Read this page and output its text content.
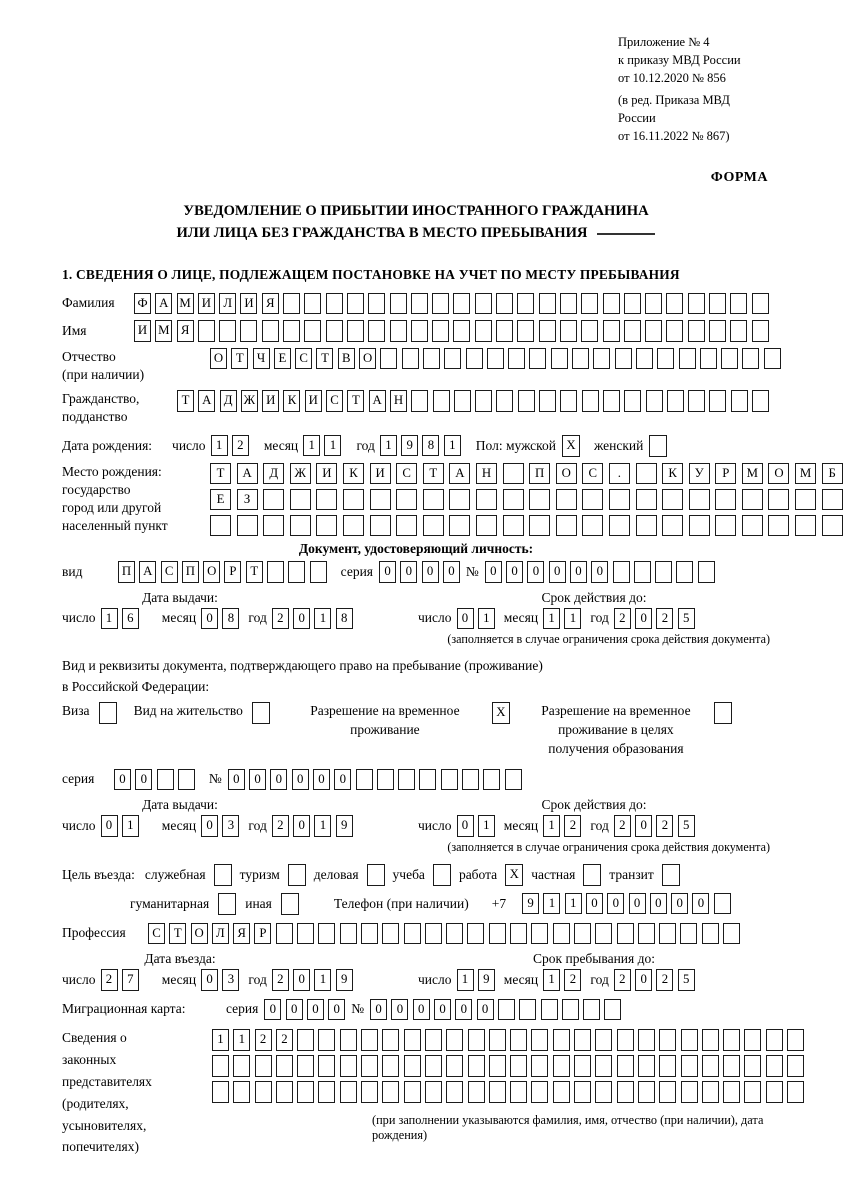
Приложение № 4
к приказу МВД России
от 10.12.2020 № 856
(в ред. Приказа МВД России
от 16.11.2022 № 867)
ФОРМА
УВЕДОМЛЕНИЕ О ПРИБЫТИИ ИНОСТРАННОГО ГРАЖДАНИНА
ИЛИ ЛИЦА БЕЗ ГРАЖДАНСТВА В МЕСТО ПРЕБЫВАНИЯ
1. СВЕДЕНИЯ О ЛИЦЕ, ПОДЛЕЖАЩЕМ ПОСТАНОВКЕ НА УЧЕТ ПО МЕСТУ ПРЕБЫВАНИЯ
Фамилия	Ф А М И Л И Я
Имя	И М Я
Отчество
(при наличии)
О Т	Ч	Е	С	Т	В О
Гражданство,
подданство
Т А Д Ж И К И С	Т А Н
Дата рождения: число 1	2	месяц 1	1	год 1	9	8	1	Пол: мужской X	женский
Место рождения:
государство
город или другой
населенный пункт
Т	А	Д	Ж	И	К	И	С	Т	А	Н	П	О	С	.	К	У	Р	М	О	М	Б
Е	З
Документ, удостоверяющий личность:
вид	П А С П О	Р	Т	серия 0	0	0	0 № 0	0	0	0	0	0
Дата выдачи:
число 1	6	месяц 0	8	год 2	0	1	8
Срок действия до:
число 0	1	месяц 1	1	год 2	0	2	5
(заполняется в случае ограничения срока действия документа)
Вид и реквизиты документа, подтверждающего право на пребывание (проживание)
в Российской Федерации:
Виза	Вид на жительство	Разрешение на временное проживание
X	Разрешение на временное проживание в целях получения образования
серия	0	0	№ 0	0	0	0	0	0
Дата выдачи:
число 0	1	месяц 0	3	год 2	0	1	9
Срок действия до:
число 0	1	месяц 1	2	год 2	0	2	5
(заполняется в случае ограничения срока действия документа)
Цель въезда: служебная	туризм	деловая	учеба	работа X частная	транзит
гуманитарная	иная	Телефон (при наличии) +7	9	1	1	0	0	0	0	0	0
Профессия	С	Т О Л Я	Р
Дата въезда:
число 2	7	месяц 0	3	год 2	0	1	9
Срок пребывания до:
число 1	9	месяц 1	2	год 2	0	2	5
Миграционная карта:	серия 0	0	0	0 № 0	0	0	0	0	0
Сведения о
законных
представителях
(родителях,
усыновителях,
попечителях)
1	1	2	2
(при заполнении указываются фамилия, имя, отчество (при наличии), дата рождения)
